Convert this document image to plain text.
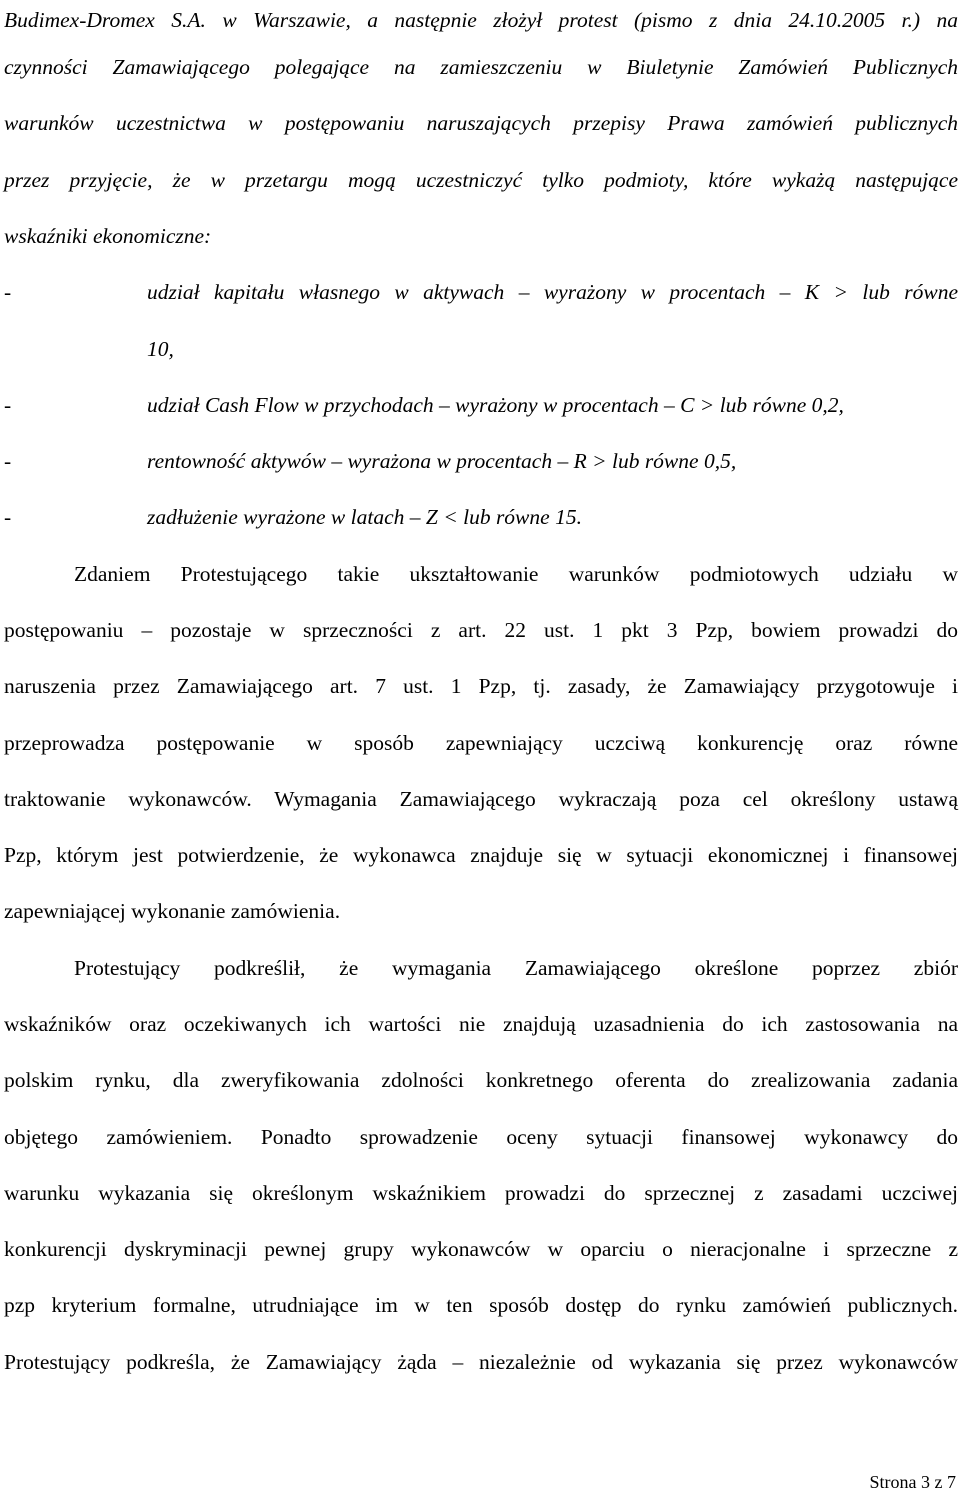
Budimex-Dromex S.A. w Warszawie, a następnie złożył protest (pismo z dnia 24.10.2005 r.) na
czynności Zamawiającego polegające na zamieszczeniu w Biuletynie Zamówień Publicznych
warunków uczestnictwa w postępowaniu naruszających przepisy Prawa zamówień publicznych
przez przyjęcie, że w przetargu mogą uczestniczyć tylko podmioty, które wykażą następujące
wskaźniki ekonomiczne:
-	udział kapitału własnego w aktywach – wyrażony w procentach – K > lub równe
10,
-	udział Cash Flow w przychodach – wyrażony w procentach – C > lub równe 0,2,
-	rentowność aktywów – wyrażona w procentach – R > lub równe 0,5,
-	zadłużenie wyrażone w latach – Z < lub równe 15.
Zdaniem Protestującego takie ukształtowanie warunków podmiotowych udziału w
postępowaniu – pozostaje w sprzeczności z art. 22 ust. 1 pkt 3 Pzp, bowiem prowadzi do
naruszenia przez Zamawiającego art. 7 ust. 1 Pzp, tj. zasady, że Zamawiający przygotowuje i
przeprowadza postępowanie w sposób zapewniający uczciwą konkurencję oraz równe
traktowanie wykonawców. Wymagania Zamawiającego wykraczają poza cel określony ustawą
Pzp, którym jest potwierdzenie, że wykonawca znajduje się w sytuacji ekonomicznej i finansowej
zapewniającej wykonanie zamówienia.
Protestujący podkreślił, że wymagania Zamawiającego określone poprzez zbiór
wskaźników oraz oczekiwanych ich wartości nie znajdują uzasadnienia do ich zastosowania na
polskim rynku, dla zweryfikowania zdolności konkretnego oferenta do zrealizowania zadania
objętego zamówieniem. Ponadto sprowadzenie oceny sytuacji finansowej wykonawcy do
warunku wykazania się określonym wskaźnikiem prowadzi do sprzecznej z zasadami uczciwej
konkurencji dyskryminacji pewnej grupy wykonawców w oparciu o nieracjonalne i sprzeczne z
pzp kryterium formalne, utrudniające im w ten sposób dostęp do rynku zamówień publicznych.
Protestujący podkreśla, że Zamawiający żąda – niezależnie od wykazania się przez wykonawców
Strona 3 z 7
